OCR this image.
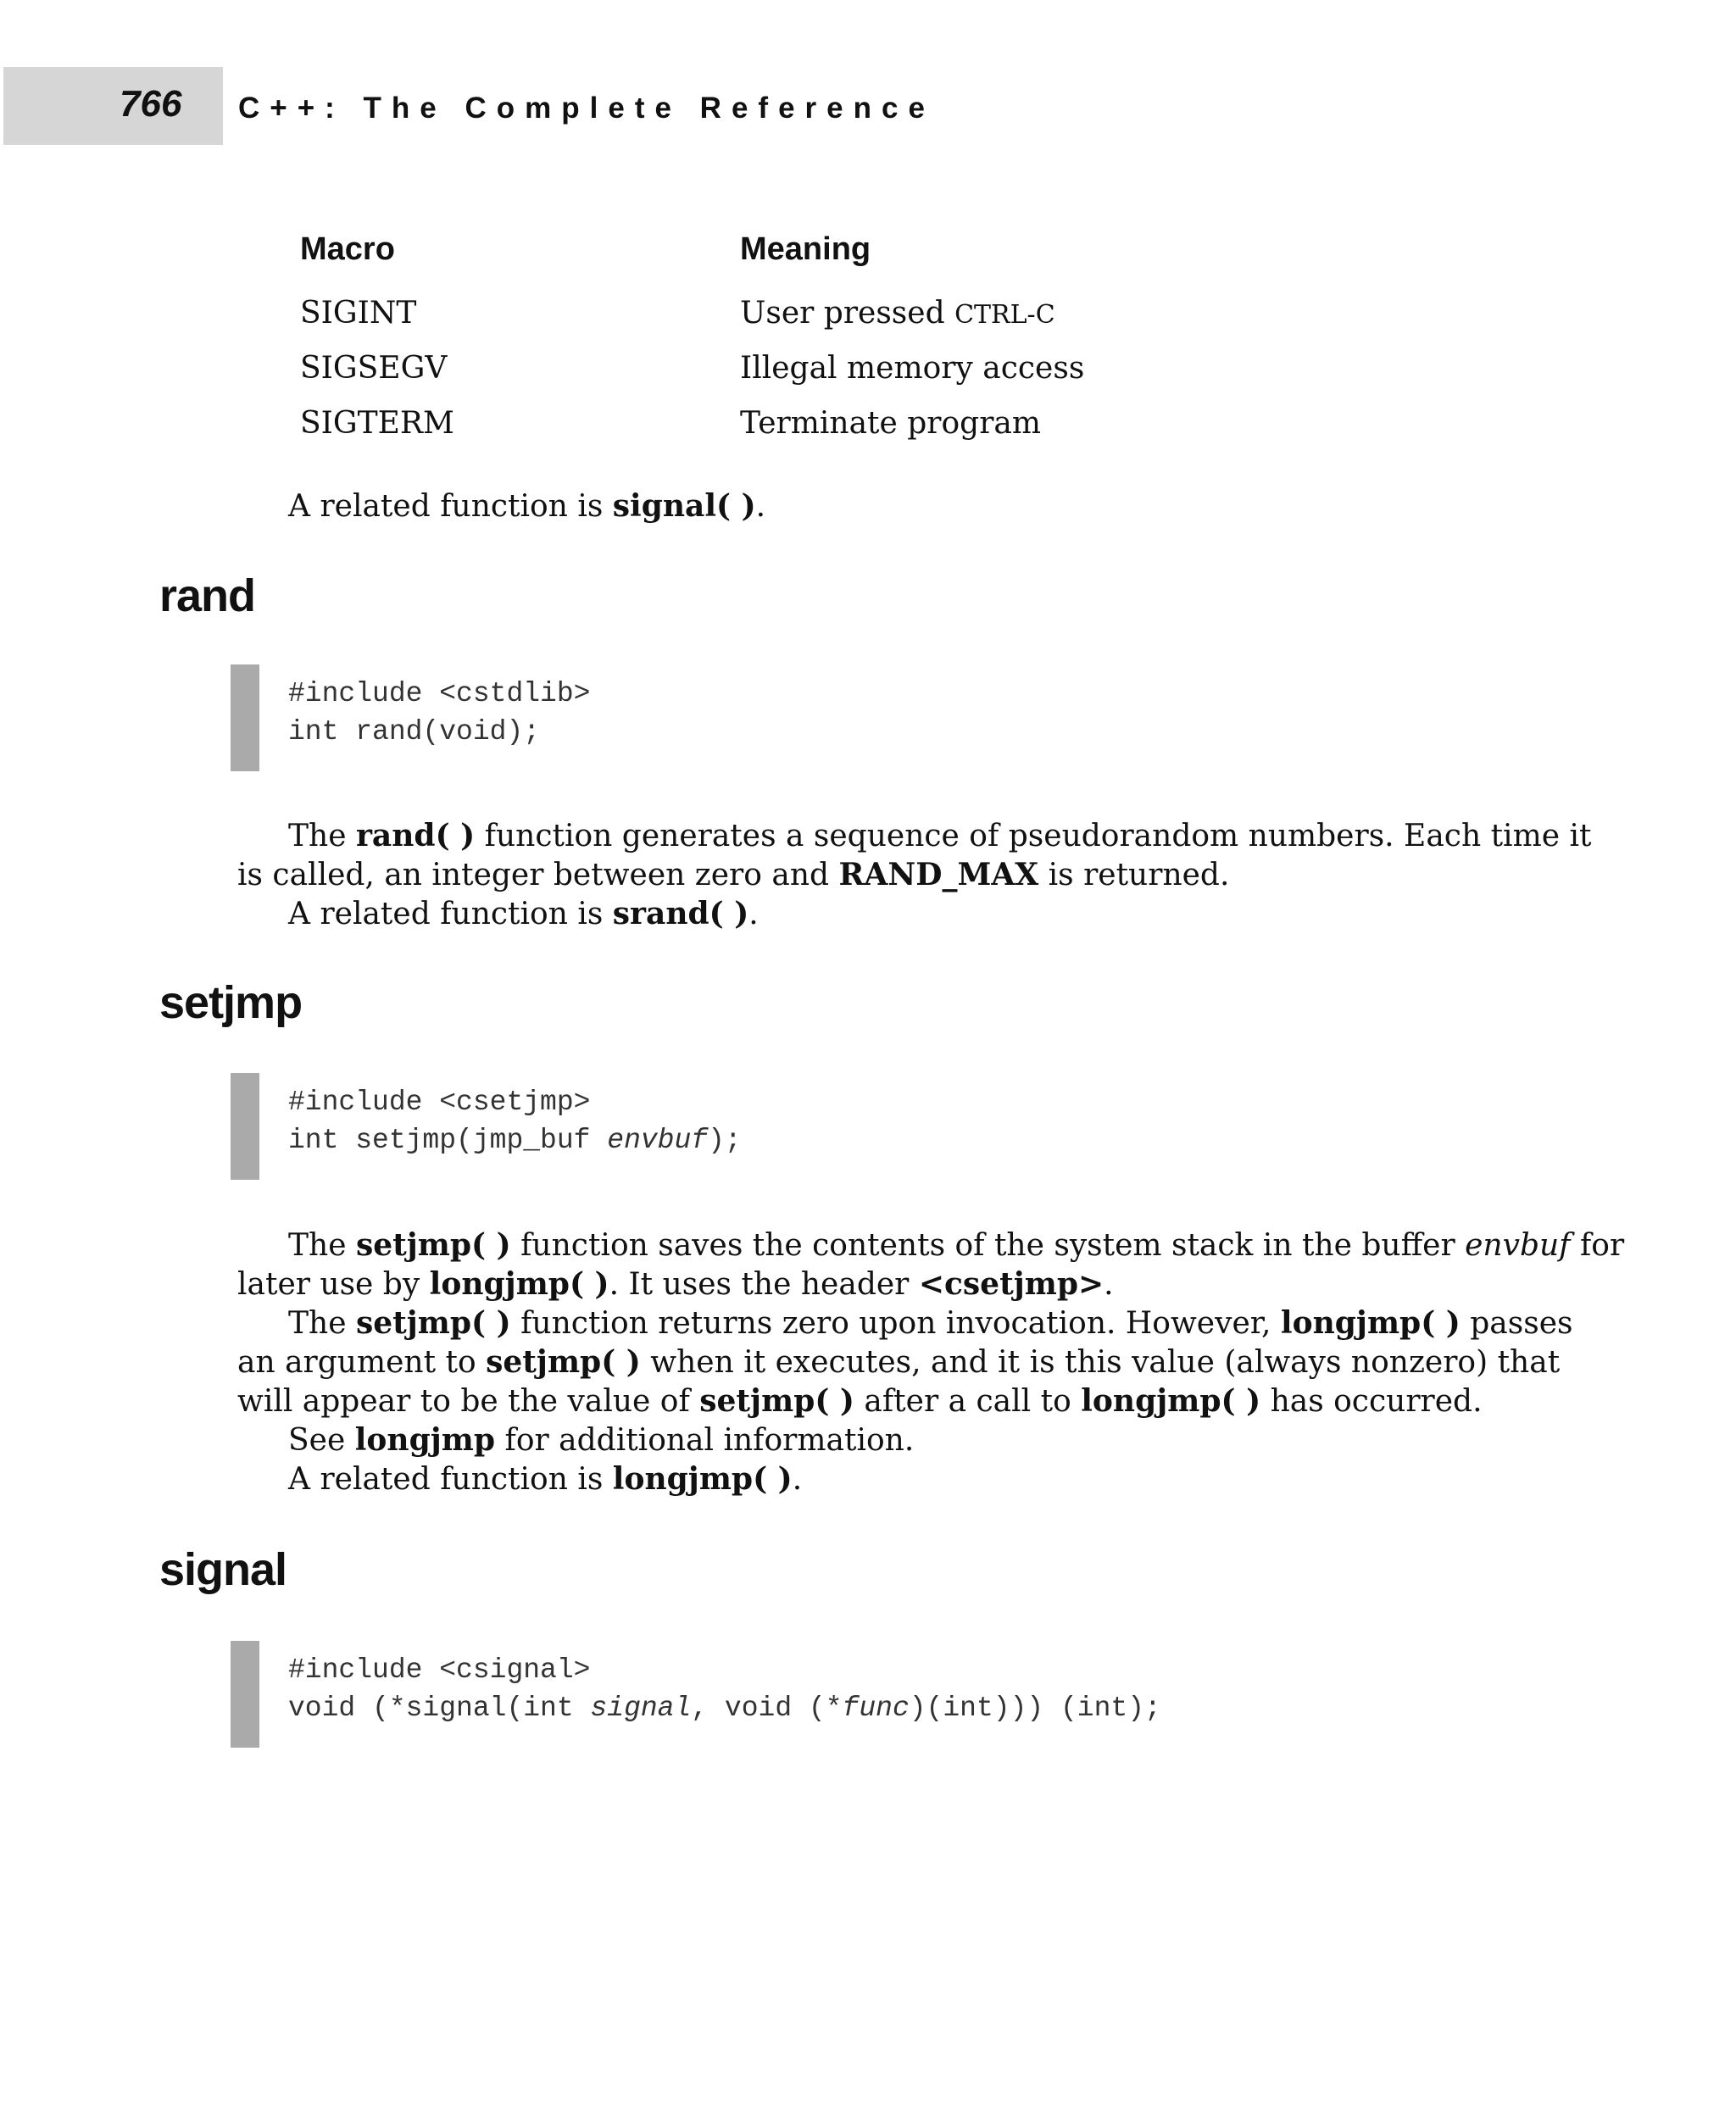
766 C++: The Complete Reference
Macro	Meaning
SIGINT	User pressed CTRL-C
SIGSEGV	Illegal memory access
SIGTERM	Terminate program
A related function is signal( ).
rand
#include <cstdlib>
int rand(void);
The rand( ) function generates a sequence of pseudorandom numbers. Each time it
is called, an integer between zero and RAND_MAX is returned.
A related function is srand( ).
setjmp
#include <csetjmp>
int setjmp(jmp_buf envbuf);
The setjmp( ) function saves the contents of the system stack in the buffer envbuf for
later use by longjmp( ). It uses the header <csetjmp>.
The setjmp( ) function returns zero upon invocation. However, longjmp( ) passes
an argument to setjmp( ) when it executes, and it is this value (always nonzero) that
will appear to be the value of setjmp( ) after a call to longjmp( ) has occurred.
See longjmp for additional information.
A related function is longjmp( ).
signal
#include <csignal>
void (*signal(int signal, void (*func)(int))) (int);
